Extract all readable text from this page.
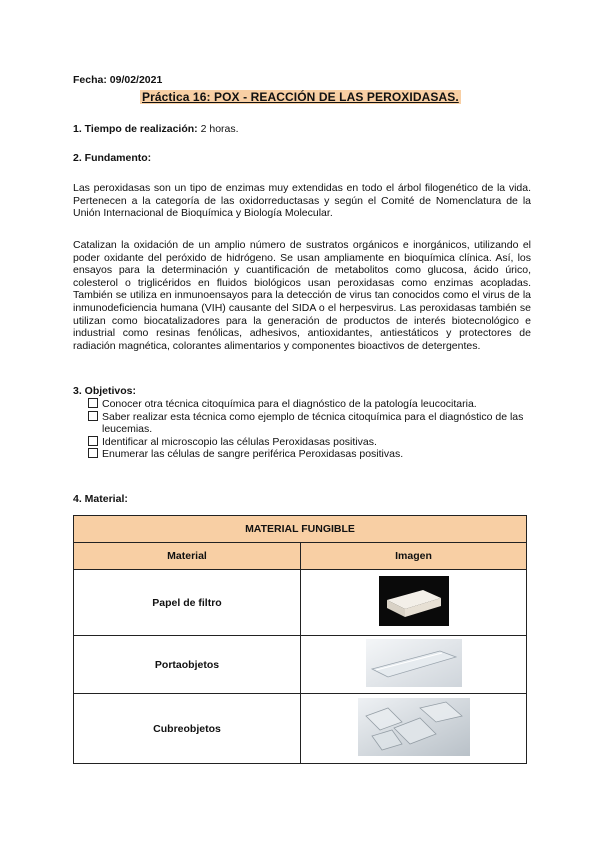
Fecha: 09/02/2021
Práctica 16: POX - REACCIÓN DE LAS PEROXIDASAS.
1. Tiempo de realización: 2 horas.
2. Fundamento:
Las peroxidasas son un tipo de enzimas muy extendidas en todo el árbol filogenético de la vida. Pertenecen a la categoría de las oxidorreductasas y según el Comité de Nomenclatura de la Unión Internacional de Bioquímica y Biología Molecular.
Catalizan la oxidación de un amplio número de sustratos orgánicos e inorgánicos, utilizando el poder oxidante del peróxido de hidrógeno. Se usan ampliamente en bioquímica clínica. Así, los ensayos para la determinación y cuantificación de metabolitos como glucosa, ácido úrico, colesterol o triglicéridos en fluidos biológicos usan peroxidasas como enzimas acopladas. También se utiliza en inmunoensayos para la detección de virus tan conocidos como el virus de la inmunodeficiencia humana (VIH) causante del SIDA o el herpesvirus. Las peroxidasas también se utilizan como biocatalizadores para la generación de productos de interés biotecnológico e industrial como resinas fenólicas, adhesivos, antioxidantes, antiestáticos y protectores de radiación magnética, colorantes alimentarios y componentes bioactivos de detergentes.
3. Objetivos:
Conocer otra técnica citoquímica para el diagnóstico de la patología leucocitaria.
Saber realizar esta técnica como ejemplo de técnica citoquímica para el diagnóstico de las leucemias.
Identificar al microscopio las células Peroxidasas positivas.
Enumerar las células de sangre periférica Peroxidasas positivas.
4. Material:
MATERIAL FUNGIBLE	
Material	Imagen
Papel de filtro	
Portaobjetos	
Cubreobjetos	
